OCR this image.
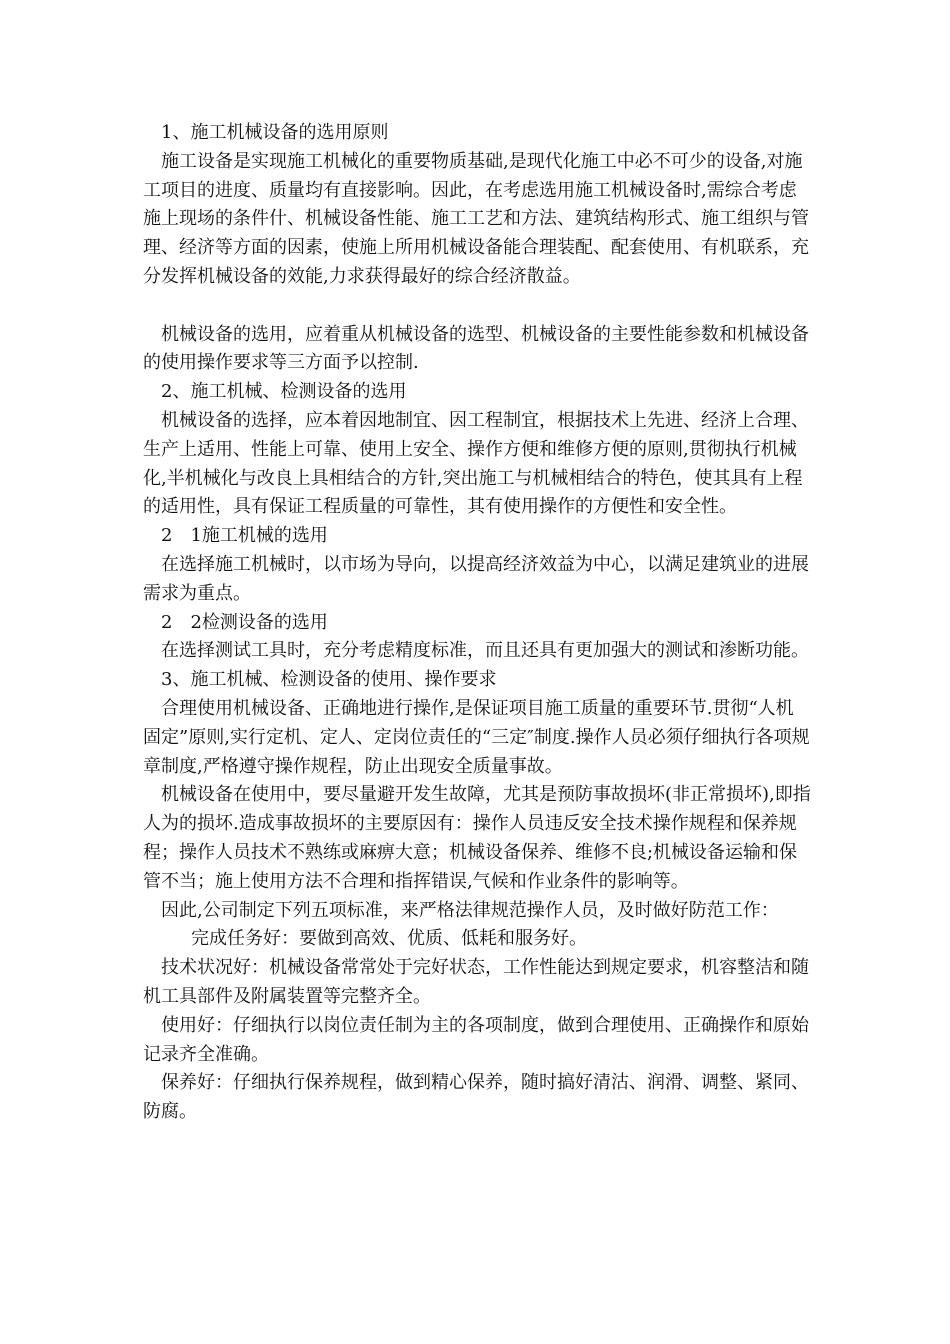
1、施工机械设备的选用原则

施工设备是实现施工机械化的重要物质基础,是现代化施工中必不可少的设备,对施工项目的进度、质量均有直接影响。因此，在考虑选用施工机械设备时,需综合考虑施上现场的条件什、机械设备性能、施工工艺和方法、建筑结构形式、施工组织与管理、经济等方面的因素，使施上所用机械设备能合理装配、配套使用、有机联系，充分发挥机械设备的效能,力求获得最好的综合经济散益。

机械设备的选用，应着重从机械设备的选型、机械设备的主要性能参数和机械设备的使用操作要求等三方面予以控制.

2、施工机械、检测设备的选用

机械设备的选择，应本着因地制宜、因工程制宜，根据技术上先进、经济上合理、生产上适用、性能上可靠、使用上安全、操作方便和维修方便的原则,贯彻执行机械化,半机械化与改良上具相结合的方针,突出施工与机械相结合的特色，使其具有上程的适用性，具有保证工程质量的可靠性，其有使用操作的方便性和安全性。

2　1施工机械的选用

在选择施工机械时，以市场为导向，以提高经济效益为中心，以满足建筑业的进展需求为重点。

2　2检测设备的选用

在选择测试工具时，充分考虑精度标准，而且还具有更加强大的测试和渗断功能。

3、施工机械、检测设备的使用、操作要求

合理使用机械设备、正确地进行操作,是保证项目施工质量的重要环节.贯彻“人机固定”原则,实行定机、定人、定岗位责任的“三定″制度.操作人员必须仔细执行各项规章制度,严格遵守操作规程，防止出现安全质量事故。

机械设备在使用中，要尽量避开发生故障，尤其是预防事故损坏(非正常损坏),即指人为的损坏.造成事故损坏的主要原因有：操作人员违反安全技术操作规程和保养规程；操作人员技术不熟练或麻痹大意；机械设备保养、维修不良;机械设备运输和保管不当；施上使用方法不合理和指挥错误,气候和作业条件的影响等。

因此,公司制定下列五项标准，来严格法律规范操作人员，及时做好防范工作：

完成任务好：要做到高效、优质、低耗和服务好。

技术状况好：机械设备常常处于完好状态，工作性能达到规定要求，机容整洁和随机工具部件及附属装置等完整齐全。

使用好：仔细执行以岗位责任制为主的各项制度，做到合理使用、正确操作和原始记录齐全准确。

保养好：仔细执行保养规程，做到精心保养，随时搞好清沽、润滑、调整、紧同、防腐。
